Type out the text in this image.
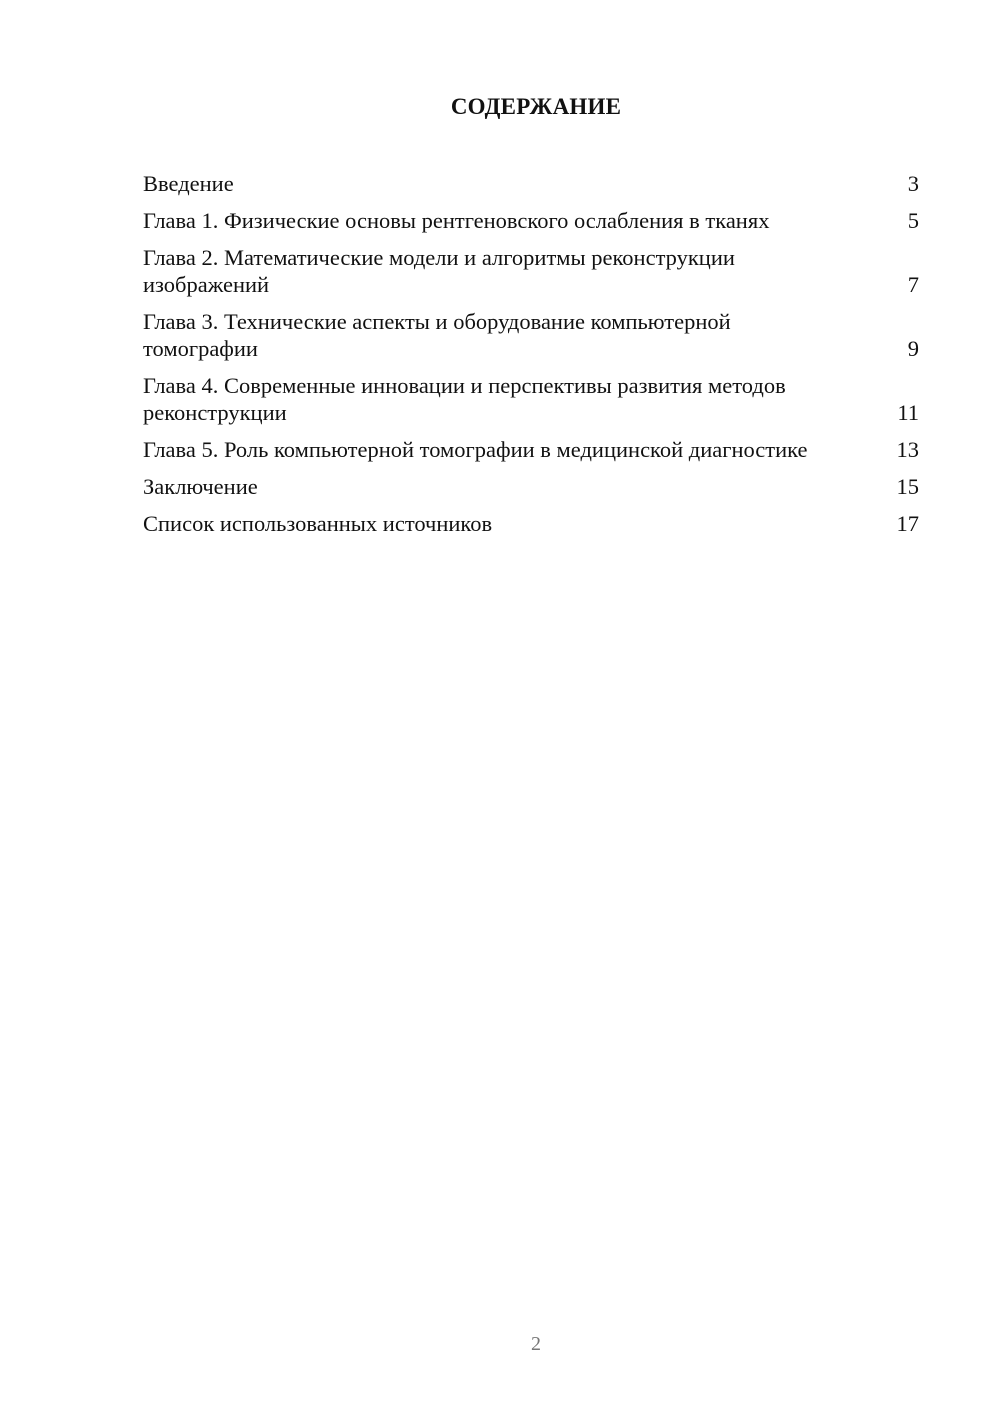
СОДЕРЖАНИЕ
Введение	3
Глава 1. Физические основы рентгеновского ослабления в тканях	5
Глава 2. Математические модели и алгоритмы реконструкции изображений	7
Глава 3. Технические аспекты и оборудование компьютерной томографии	9
Глава 4. Современные инновации и перспективы развития методов реконструкции	11
Глава 5. Роль компьютерной томографии в медицинской диагностике	13
Заключение	15
Список использованных источников	17
2
